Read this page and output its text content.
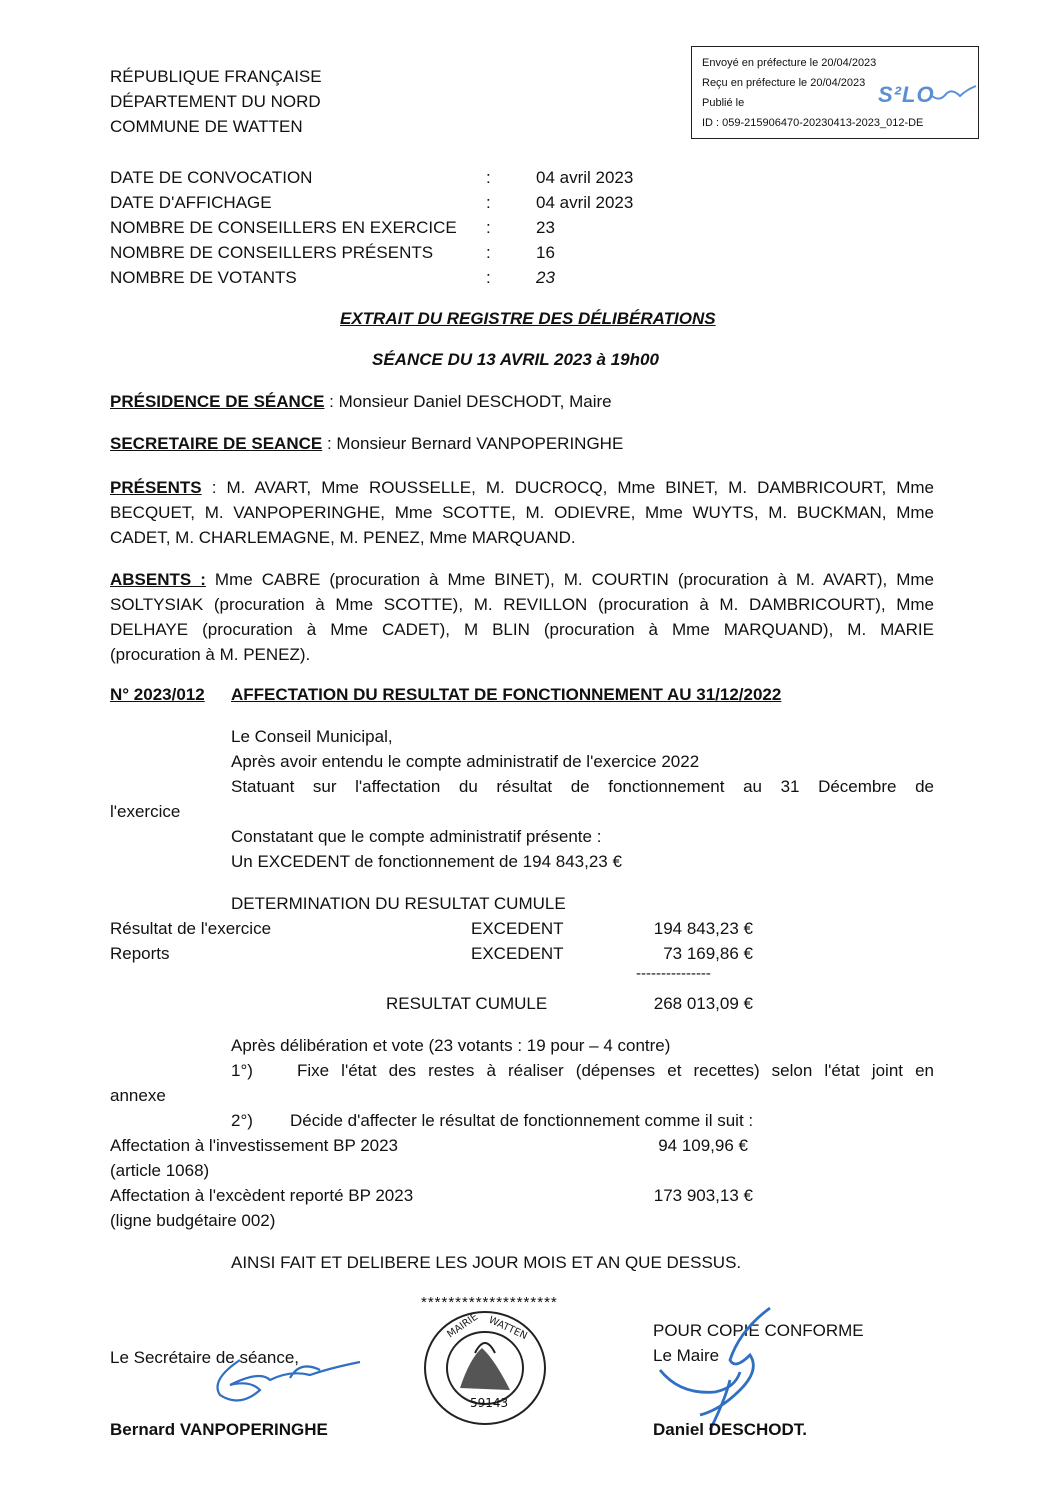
RÉPUBLIQUE FRANÇAISE
DÉPARTEMENT DU NORD
COMMUNE DE WATTEN
Envoyé en préfecture le 20/04/2023
Reçu en préfecture le 20/04/2023
Publié le
ID : 059-215906470-20230413-2023_012-DE
S²LO
DATE DE CONVOCATION	:	04 avril 2023
DATE D'AFFICHAGE	:	04 avril 2023
NOMBRE DE CONSEILLERS EN EXERCICE :	23
NOMBRE DE CONSEILLERS PRÉSENTS	:	16
NOMBRE DE VOTANTS	:	23
EXTRAIT DU REGISTRE DES DÉLIBÉRATIONS
SÉANCE DU 13 AVRIL 2023 à 19h00
PRÉSIDENCE DE SÉANCE : Monsieur Daniel DESCHODT, Maire
SECRETAIRE DE SEANCE : Monsieur Bernard VANPOPERINGHE
PRÉSENTS : M. AVART, Mme ROUSSELLE, M. DUCROCQ, Mme BINET, M. DAMBRICOURT, Mme
BECQUET, M. VANPOPERINGHE, Mme SCOTTE, M. ODIEVRE, Mme WUYTS, M. BUCKMAN, Mme
CADET, M. CHARLEMAGNE, M. PENEZ, Mme MARQUAND.
ABSENTS : Mme CABRE (procuration à Mme BINET), M. COURTIN (procuration à M. AVART), Mme
SOLTYSIAK (procuration à Mme SCOTTE), M. REVILLON (procuration à M. DAMBRICOURT), Mme
DELHAYE (procuration à Mme CADET), M BLIN (procuration à Mme MARQUAND), M. MARIE
(procuration à M. PENEZ).
N° 2023/012 AFFECTATION DU RESULTAT DE FONCTIONNEMENT AU 31/12/2022
Le Conseil Municipal,
Après avoir entendu le compte administratif de l'exercice 2022
Statuant sur l'affectation du résultat de fonctionnement au 31 Décembre de
l'exercice
Constatant que le compte administratif présente :
Un EXCEDENT de fonctionnement de 194 843,23 €
DETERMINATION DU RESULTAT CUMULE
Résultat de l'exercice	EXCEDENT	194 843,23 €
Reports	EXCEDENT	73 169,86 €
---------------
RESULTAT CUMULE	268 013,09 €
Après délibération et vote (23 votants : 19 pour – 4 contre)
1°)	Fixe l'état des restes à réaliser (dépenses et recettes) selon l'état joint en
annexe
2°) Décide d'affecter le résultat de fonctionnement comme il suit :
Affectation à l'investissement BP 2023	94 109,96 €
(article 1068)
Affectation à l'excèdent reporté BP 2023	173 903,13 €
(ligne budgétaire 002)
AINSI FAIT ET DELIBERE LES JOUR MOIS ET AN QUE DESSUS.
********************
Le Secrétaire de séance,
Bernard VANPOPERINGHE
MAIRIE WATTEN
59143
POUR COPIE CONFORME
Le Maire
Daniel DESCHODT.
